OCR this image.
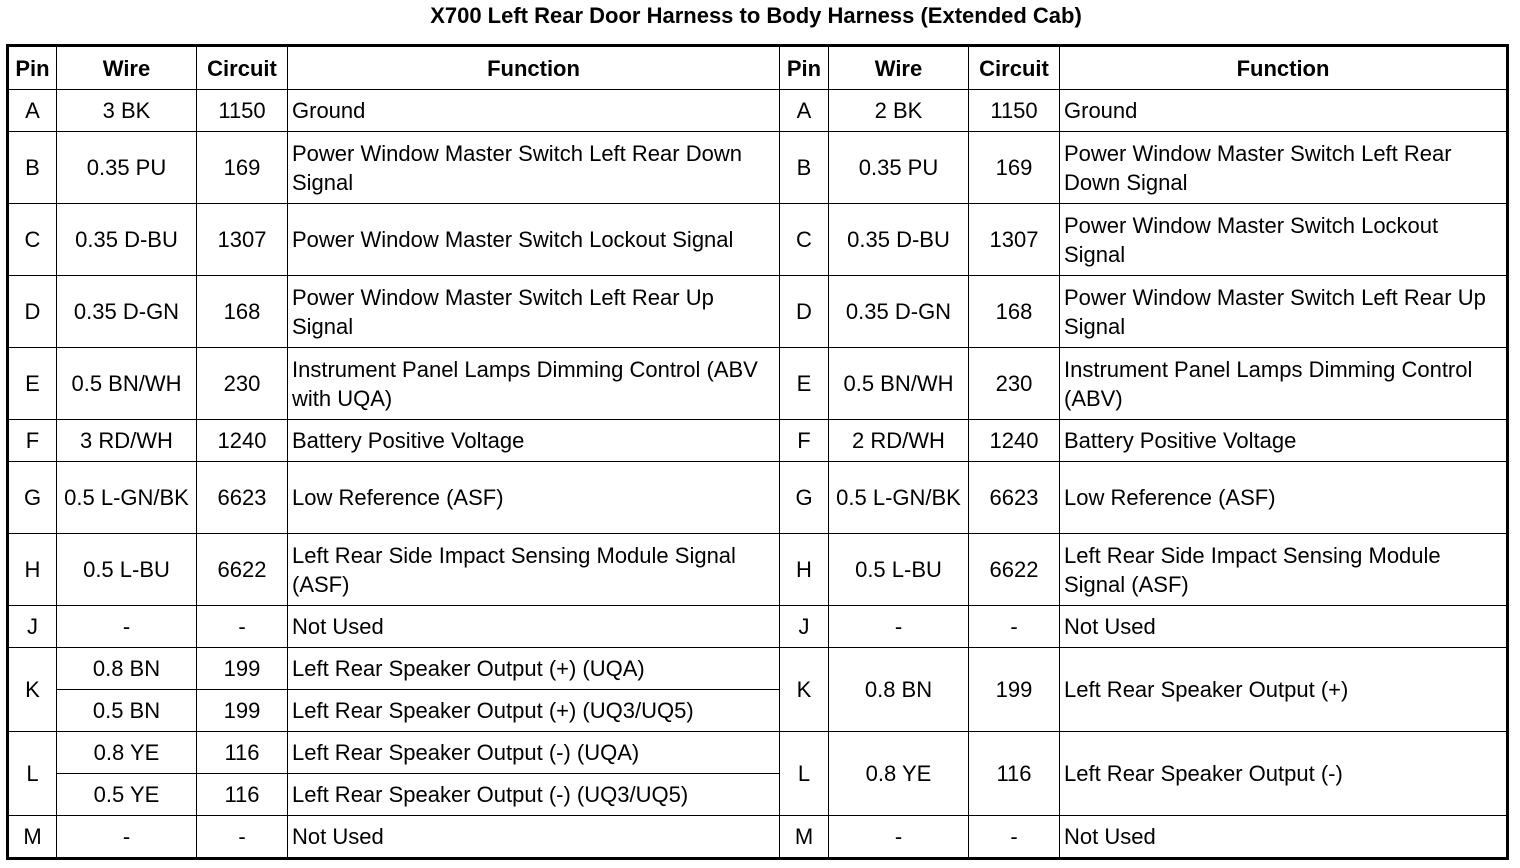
X700 Left Rear Door Harness to Body Harness (Extended Cab)
Pin	Wire	Circuit	Function	Pin	Wire	Circuit	Function
A	3 BK	1150	Ground	A	2 BK	1150	Ground
B	0.35 PU	169	Power Window Master Switch Left Rear Down Signal	B	0.35 PU	169	Power Window Master Switch Left Rear Down Signal
C	0.35 D-BU	1307	Power Window Master Switch Lockout Signal	C	0.35 D-BU	1307	Power Window Master Switch Lockout Signal
D	0.35 D-GN	168	Power Window Master Switch Left Rear Up Signal	D	0.35 D-GN	168	Power Window Master Switch Left Rear Up Signal
E	0.5 BN/WH	230	Instrument Panel Lamps Dimming Control (ABV with UQA)	E	0.5 BN/WH	230	Instrument Panel Lamps Dimming Control (ABV)
F	3 RD/WH	1240	Battery Positive Voltage	F	2 RD/WH	1240	Battery Positive Voltage
G	0.5 L-GN/BK	6623	Low Reference (ASF)	G	0.5 L-GN/BK	6623	Low Reference (ASF)
H	0.5 L-BU	6622	Left Rear Side Impact Sensing Module Signal (ASF)	H	0.5 L-BU	6622	Left Rear Side Impact Sensing Module Signal (ASF)
J	-	-	Not Used	J	-	-	Not Used
K	0.8 BN	199	Left Rear Speaker Output (+) (UQA)	K	0.8 BN	199	Left Rear Speaker Output (+)
	0.5 BN	199	Left Rear Speaker Output (+) (UQ3/UQ5)				
L	0.8 YE	116	Left Rear Speaker Output (-) (UQA)	L	0.8 YE	116	Left Rear Speaker Output (-)
	0.5 YE	116	Left Rear Speaker Output (-) (UQ3/UQ5)				
M	-	-	Not Used	M	-	-	Not Used
